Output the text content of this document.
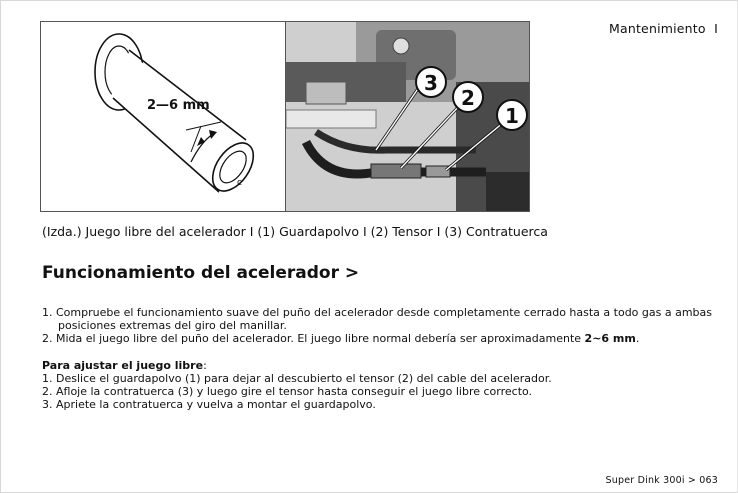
Mantenimiento I
c
2—6 mm
3
2
1
(Izda.) Juego libre del acelerador I (1) Guardapolvo I (2) Tensor I (3) Contratuerca
Funcionamiento del acelerador >

1. Compruebe el funcionamiento suave del puño del acelerador desde completamente cerrado hasta a todo gas a ambas

posiciones extremas del giro del manillar.

2. Mida el juego libre del puño del acelerador. El juego libre normal debería ser aproximadamente 2~6 mm.

Para ajustar el juego libre:

1. Deslice el guardapolvo (1) para dejar al descubierto el tensor (2) del cable del acelerador.

2. Afloje la contratuerca (3) y luego gire el tensor hasta conseguir el juego libre correcto.

3. Apriete la contratuerca y vuelva a montar el guardapolvo.

Super Dink 300i > 063
